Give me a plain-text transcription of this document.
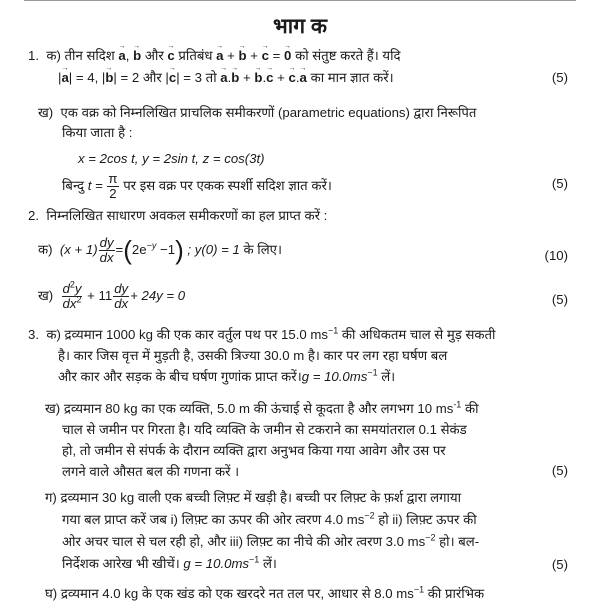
भाग क
1. क) तीन सदिश → a, → b और → c प्रतिबंध → a + → b + → c = → 0 को संतुष्ट करते हैं। यदि
|→ a| = 4, |→ b| = 2 और |→ c| = 3 तो → a.→ b + → b.→ c + → c.→ a का मान ज्ञात करें।	(5)
ख) एक वक्र को निम्नलिखित प्राचलिक समीकरणों (parametric equations) द्वारा निरूपित
किया जाता है :
x = 2cos t, y = 2sin t, z = cos(3t)
बिन्दु $t = \frac{\pi}{2}$ पर इस वक्र पर एकक स्पर्शी सदिश ज्ञात करें।	(5)
2. निम्नलिखित साधारण अवकल समीकरणों का हल प्राप्त करें :
क) $(x + 1) \frac{dy}{dx} =(2e^{-y} -1)$ ; y(0) = 1 के लिए।	(10)
ख) $\frac{d^2y}{dx^2} + 11 \frac{dy}{dx} + 24y = 0$	(5)
3. क) द्रव्यमान 1000 kg की एक कार वर्तुल पथ पर 15.0 $ms^{-1}$ की अधिकतम चाल से मुड़ सकती
है। कार जिस वृत्त में मुड़ती है, उसकी त्रिज्या 30.0 m है। कार पर लग रहा घर्षण बल
और कार और सड़क के बीच घर्षण गुणांक प्राप्त करें।g = $10.0ms^{-1}$ लें।
ख) द्रव्यमान 80 kg का एक व्यक्ति, 5.0 m की ऊंचाई से कूदता है और लगभग 10 $ms^{-1}$ की
चाल से जमीन पर गिरता है। यदि व्यक्ति के जमीन से टकराने का समयांतराल 0.1 सेकंड
हो, तो जमीन से संपर्क के दौरान व्यक्ति द्वारा अनुभव किया गया आवेग और उस पर
लगने वाले औसत बल की गणना करें ।	(5)
ग) द्रव्यमान 30 kg वाली एक बच्ची लिफ़्ट में खड़ी है। बच्ची पर लिफ़्ट के फ़र्श द्वारा लगाया
गया बल प्राप्त करें जब i) लिफ़्ट का ऊपर की ओर त्वरण 4.0 $ms^{-2}$ हो ii) लिफ़्ट ऊपर की
ओर अचर चाल से चल रही हो, और iii) लिफ़्ट का नीचे की ओर त्वरण 3.0 $ms^{-2}$ हो। बल-
निर्देशक आरेख भी खीचें। $g = 10.0ms^{-1}$ लें।	(5)
घ) द्रव्यमान 4.0 kg के एक खंड को एक खरदरे नत तल पर, आधार से 8.0 $ms^{-1}$ की प्रारंभिक
